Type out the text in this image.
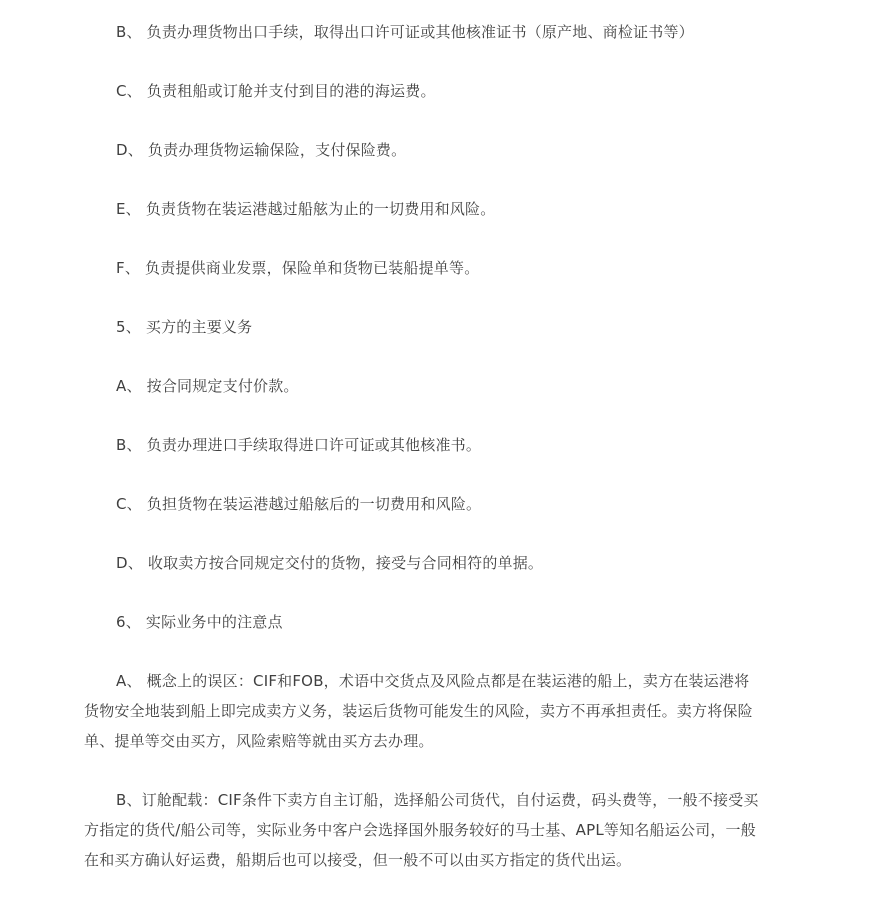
B、 负责办理货物出口手续，取得出口许可证或其他核准证书（原产地、商检证书等）

C、 负责租船或订舱并支付到目的港的海运费。

D、 负责办理货物运输保险，支付保险费。

E、 负责货物在装运港越过船舷为止的一切费用和风险。

F、 负责提供商业发票，保险单和货物已装船提单等。

5、 买方的主要义务

A、 按合同规定支付价款。

B、 负责办理进口手续取得进口许可证或其他核准书。

C、 负担货物在装运港越过船舷后的一切费用和风险。

D、 收取卖方按合同规定交付的货物，接受与合同相符的单据。

6、 实际业务中的注意点

A、 概念上的误区：CIF和FOB，术语中交货点及风险点都是在装运港的船上，卖方在装运港将货物安全地装到船上即完成卖方义务，装运后货物可能发生的风险，卖方不再承担责任。卖方将保险单、提单等交由买方，风险索赔等就由买方去办理。

B、订舱配载：CIF条件下卖方自主订船，选择船公司货代，自付运费，码头费等，一般不接受买方指定的货代/船公司等，实际业务中客户会选择国外服务较好的马士基、APL等知名船运公司，一般在和买方确认好运费，船期后也可以接受，但一般不可以由买方指定的货代出运。
